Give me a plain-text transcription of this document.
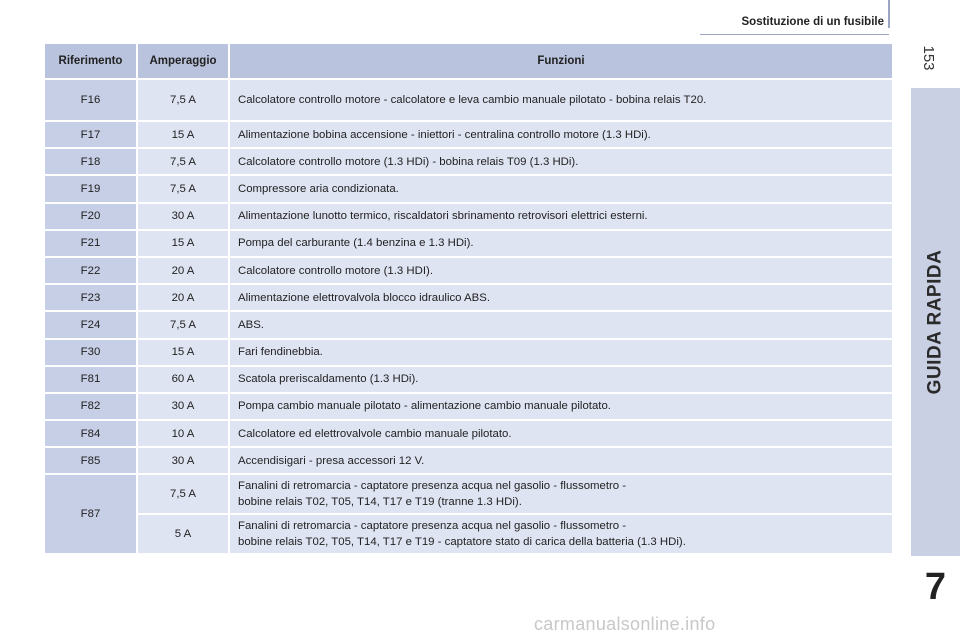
Sostituzione di un fusibile
153
GUIDA RAPIDA
7
Riferimento	Amperaggio	Funzioni
F16	7,5 A	Calcolatore controllo motore - calcolatore e leva cambio manuale pilotato - bobina relais T20.
F17	15 A	Alimentazione bobina accensione - iniettori - centralina controllo motore (1.3 HDi).
F18	7,5 A	Calcolatore controllo motore (1.3 HDi) - bobina relais T09 (1.3 HDi).
F19	7,5 A	Compressore aria condizionata.
F20	30 A	Alimentazione lunotto termico, riscaldatori sbrinamento retrovisori elettrici esterni.
F21	15 A	Pompa del carburante (1.4 benzina e 1.3 HDi).
F22	20 A	Calcolatore controllo motore (1.3 HDI).
F23	20 A	Alimentazione elettrovalvola blocco idraulico ABS.
F24	7,5 A	ABS.
F30	15 A	Fari fendinebbia.
F81	60 A	Scatola preriscaldamento (1.3 HDi).
F82	30 A	Pompa cambio manuale pilotato - alimentazione cambio manuale pilotato.
F84	10 A	Calcolatore ed elettrovalvole cambio manuale pilotato.
F85	30 A	Accendisigari - presa accessori 12 V.
F87	7,5 A	Fanalini di retromarcia - captatore presenza acqua nel gasolio - flussometro -
bobine relais T02, T05, T14, T17 e T19 (tranne 1.3 HDi).

	5 A	Fanalini di retromarcia - captatore presenza acqua nel gasolio - flussometro -
bobine relais T02, T05, T14, T17 e T19 - captatore stato di carica della batteria (1.3 HDi).
carmanualsonline.info
